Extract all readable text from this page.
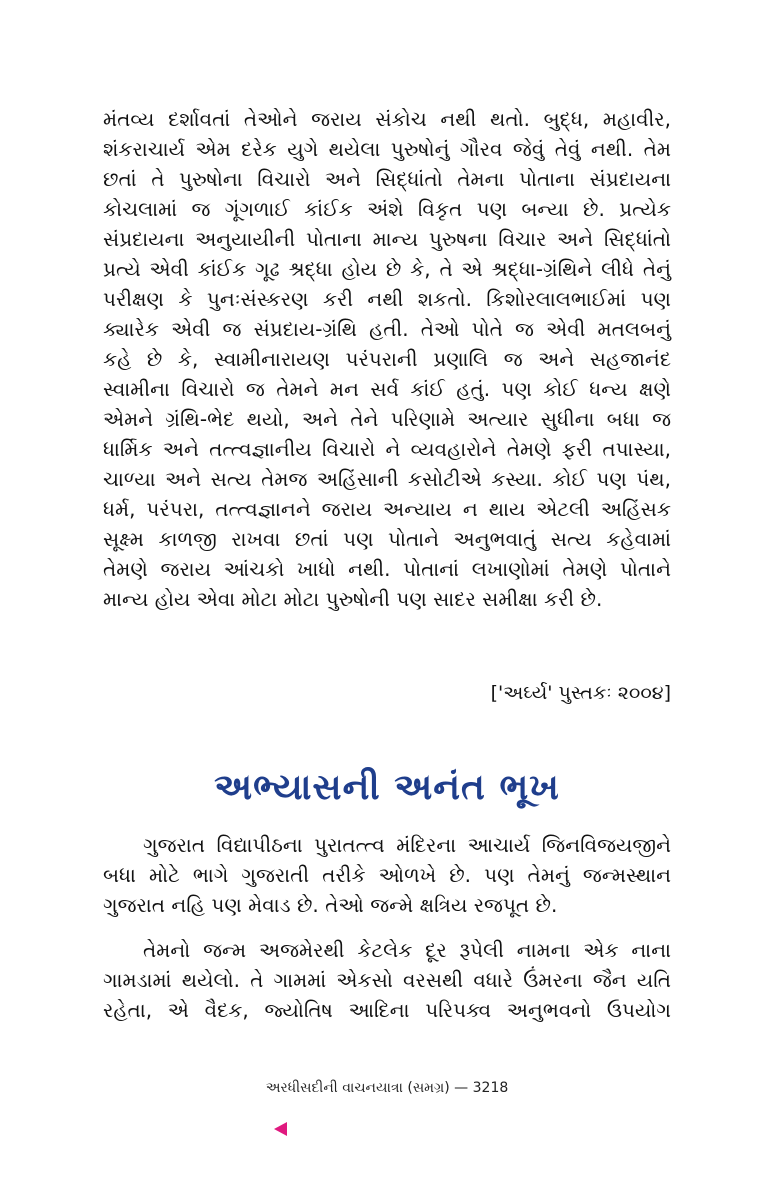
મંતવ્ય દર્શાવતાં તેઓને જરાય સંકોચ નથી થતો. બુદ્ધ, મહાવીર,
શંકરાચાર્ય એમ દરેક યુગે થયેલા પુરુષોનું ગૌરવ જેવું તેવું નથી. તેમ
છતાં તે પુરુષોના વિચારો અને સિદ્ધાંતો તેમના પોતાના સંપ્રદાયના
કોચલામાં જ ગૂંગળાઈ કાંઈક અંશે વિકૃત પણ બન્યા છે. પ્રત્યેક
સંપ્રદાયના અનુયાયીની પોતાના માન્ય પુરુષના વિચાર અને સિદ્ધાંતો
પ્રત્યે એવી કાંઈક ગૂઢ શ્રદ્ધા હોય છે કે, તે એ શ્રદ્ધા-ગ્રંથિને લીધે તેનું
પરીક્ષણ કે પુનઃસંસ્કરણ કરી નથી શકતો. કિશોરલાલભાઈમાં પણ
ક્યારેક એવી જ સંપ્રદાય-ગ્રંથિ હતી. તેઓ પોતે જ એવી મતલબનું
કહે છે કે, સ્વામીનારાયણ પરંપરાની પ્રણાલિ જ અને સહજાનંદ
સ્વામીના વિચારો જ તેમને મન સર્વ કાંઈ હતું. પણ કોઈ ધન્ય ક્ષણે
એમને ગ્રંથિ-ભેદ થયો, અને તેને પરિણામે અત્યાર સુધીના બધા જ
ધાર્મિક અને તત્ત્વજ્ઞાનીય વિચારો ને વ્યવહારોને તેમણે ફરી તપાસ્યા,
ચાળ્યા અને સત્ય તેમજ અહિંસાની કસોટીએ કસ્યા. કોઈ પણ પંથ,
ધર્મ, પરંપરા, તત્ત્વજ્ઞાનને જરાય અન્યાય ન થાય એટલી અહિંસક
સૂક્ષ્મ કાળજી રાખવા છતાં પણ પોતાને અનુભવાતું સત્ય કહેવામાં
તેમણે જરાય આંચકો ખાધો નથી. પોતાનાં લખાણોમાં તેમણે પોતાને
માન્ય હોય એવા મોટા મોટા પુરુષોની પણ સાદર સમીક્ષા કરી છે.
['અર્ઘ્ય' પુસ્તકઃ ૨૦૦૪]
અભ્યાસની અનંત ભૂખ
ગુજરાત વિદ્યાપીઠના પુરાતત્ત્વ મંદિરના આચાર્ય જિનવિજયજીને
બધા મોટે ભાગે ગુજરાતી તરીકે ઓળખે છે. પણ તેમનું જન્મસ્થાન
ગુજરાત નહિ પણ મેવાડ છે. તેઓ જન્મે ક્ષત્રિય રજપૂત છે.
તેમનો જન્મ અજમેરથી કેટલેક દૂર રૂપેલી નામના એક નાના
ગામડામાં થયેલો. તે ગામમાં એકસો વરસથી વધારે ઉંમરના જૈન યતિ
રહેતા, એ વૈદક, જ્યોતિષ આદિના પરિપક્વ અનુભવનો ઉપયોગ
અરધીસદીની વાચનયાત્રા (સમગ્ર) — 3218
